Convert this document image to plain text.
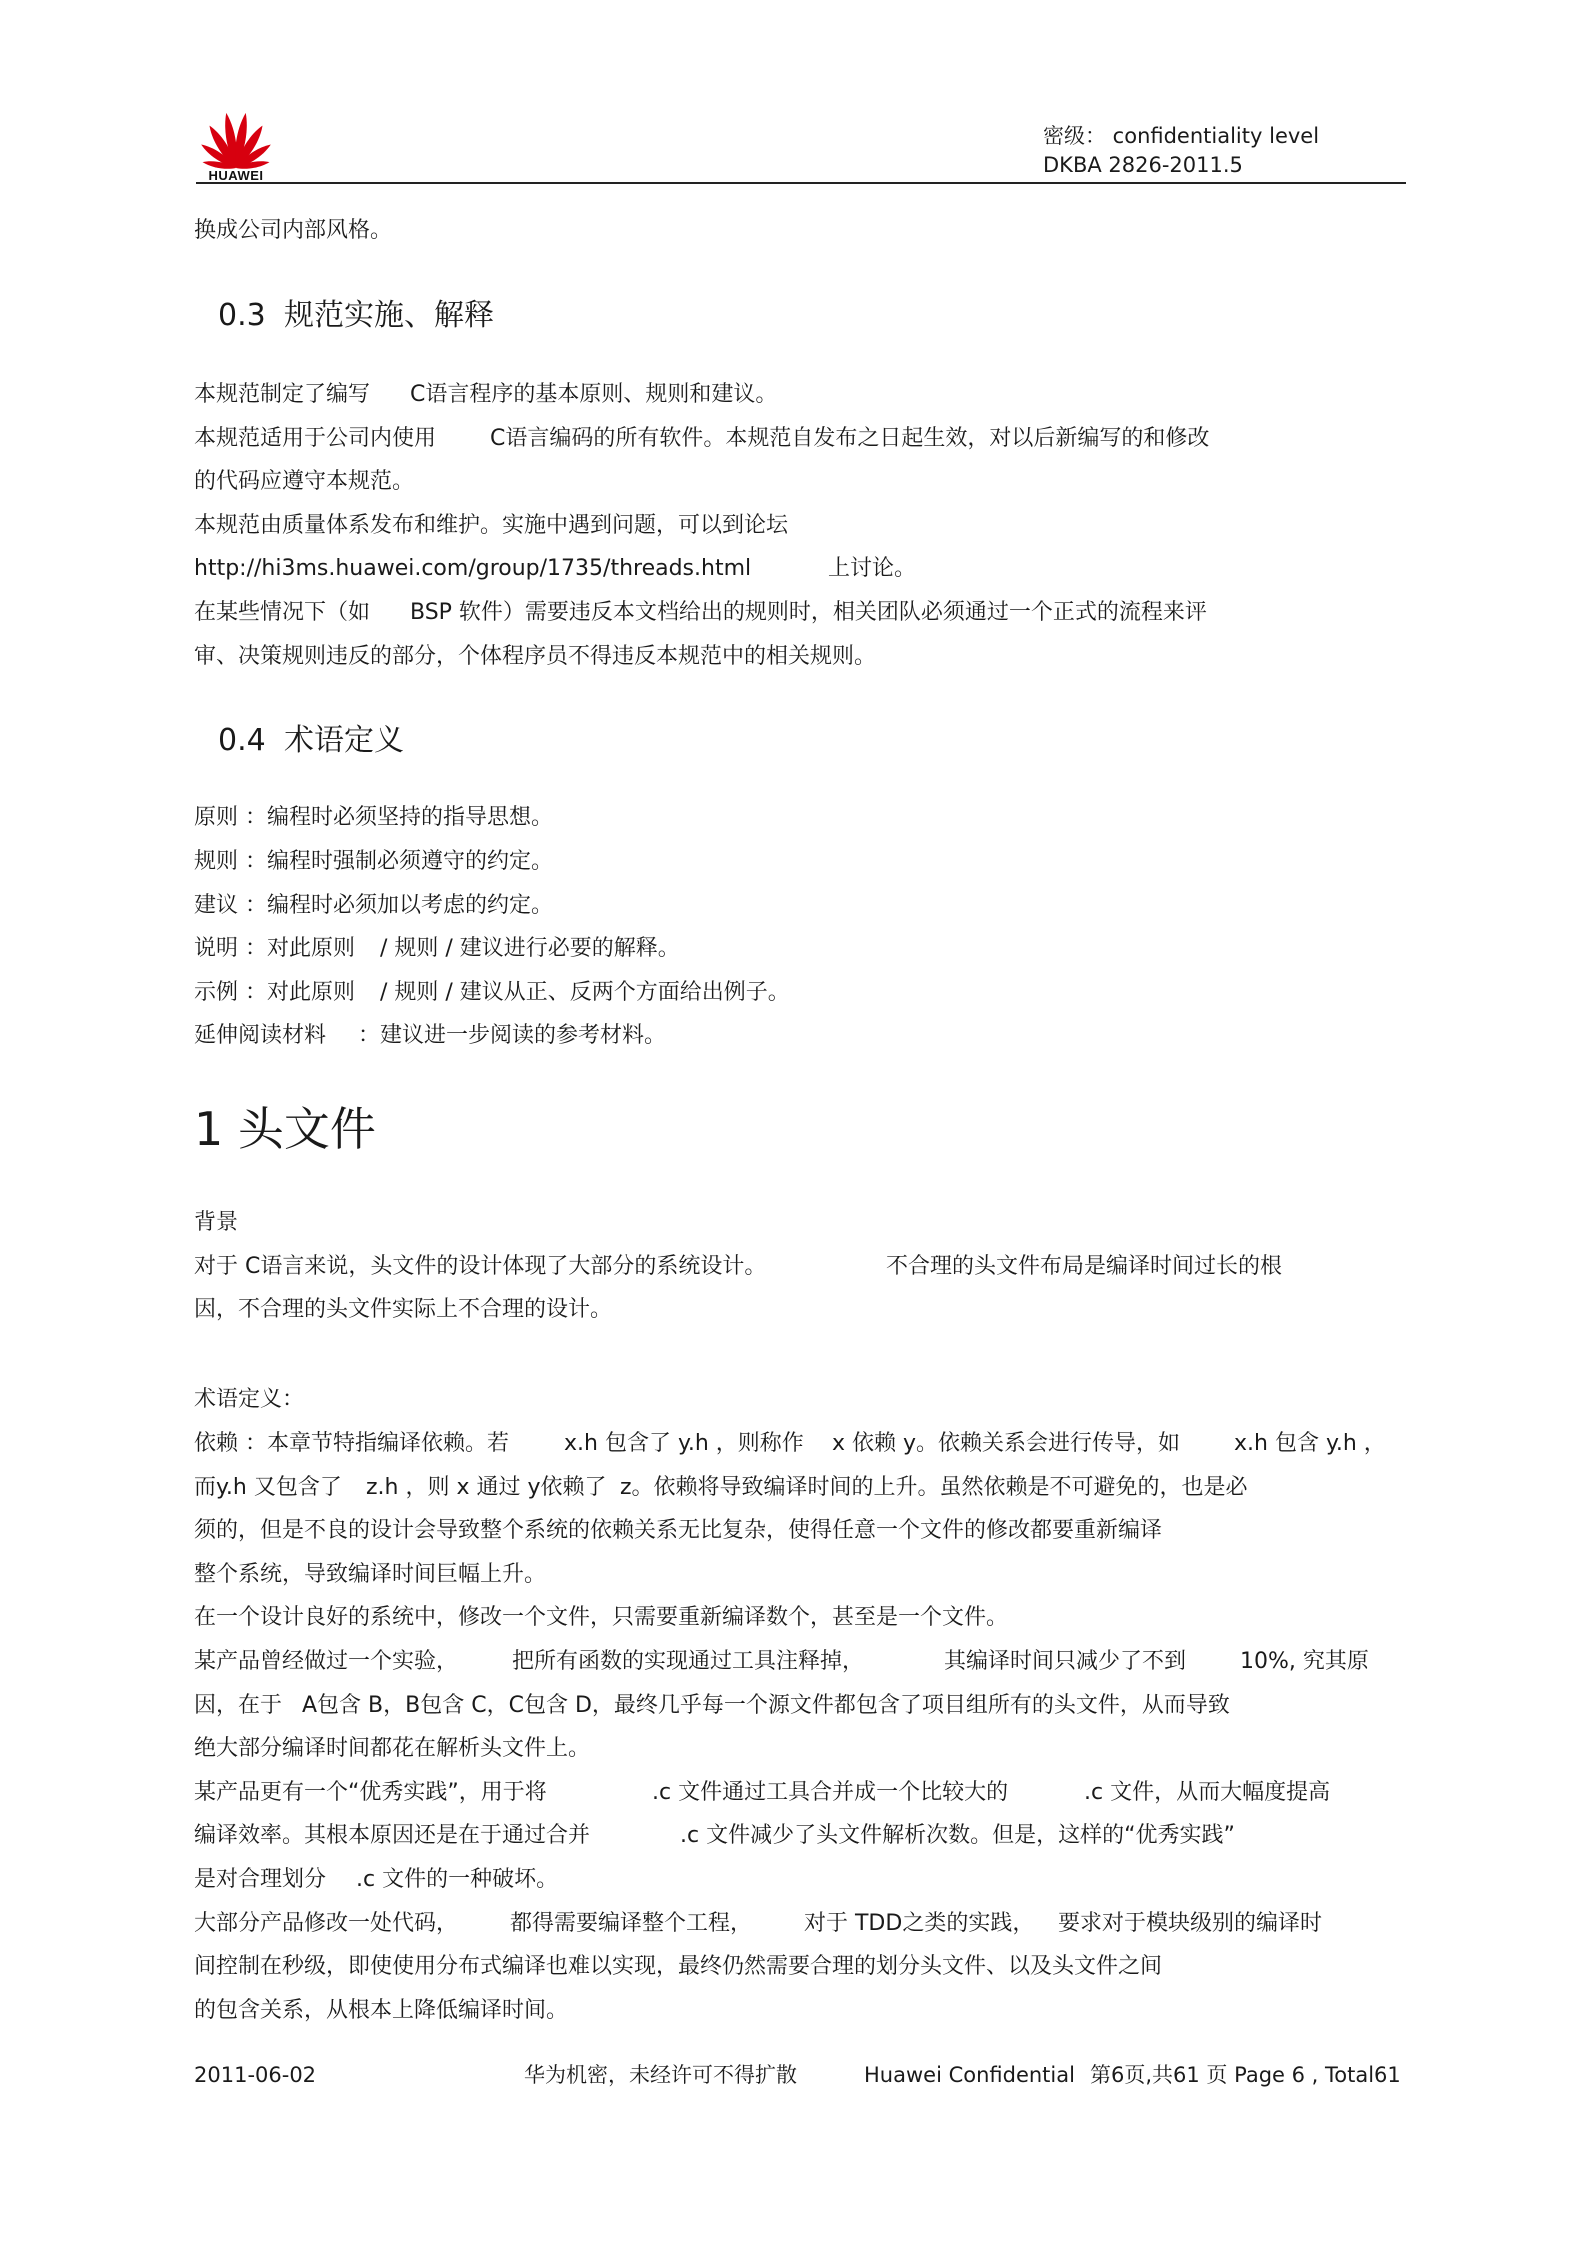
HUAWEI
密级： confidentiality level
DKBA 2826-2011.5
换成公司内部风格。
0.3 规范实施、解释
本规范制定了编写 C语言程序的基本原则、规则和建议。
本规范适用于公司内使用 C语言编码的所有软件。本规范自发布之日起生效，对以后新编写的和修改
的代码应遵守本规范。
本规范由质量体系发布和维护。实施中遇到问题，可以到论坛
http://hi3ms.huawei.com/group/1735/threads.html	上讨论。
在某些情况下（如 BSP 软件）需要违反本文档给出的规则时，相关团队必须通过一个正式的流程来评
审、决策规则违反的部分，个体程序员不得违反本规范中的相关规则。
0.4 术语定义
原则 ：编程时必须坚持的指导思想。
规则 ：编程时强制必须遵守的约定。
建议 ：编程时必须加以考虑的约定。
说明 ：对此原则 / 规则 / 建议进行必要的解释。
示例 ：对此原则 / 规则 / 建议从正、反两个方面给出例子。
延伸阅读材料 ：建议进一步阅读的参考材料。
1 头文件
背景
对于 C语言来说，头文件的设计体现了大部分的系统设计。	不合理的头文件布局是编译时间过长的根
因，不合理的头文件实际上不合理的设计。
术语定义：
依赖 ：本章节特指编译依赖。若	x.h 包含了 y.h ，则称作 x 依赖 y。依赖关系会进行传导，如 x.h 包含 y.h ，
而y.h 又包含了 z.h ，则 x 通过 y依赖了 z。依赖将导致编译时间的上升。虽然依赖是不可避免的，也是必
须的，但是不良的设计会导致整个系统的依赖关系无比复杂，使得任意一个文件的修改都要重新编译
整个系统，导致编译时间巨幅上升。
在一个设计良好的系统中，修改一个文件，只需要重新编译数个，甚至是一个文件。
某产品曾经做过一个实验， 把所有函数的实现通过工具注释掉，	其编译时间只减少了不到 10%, 究其原
因，在于 A包含 B，B包含 C，C包含 D，最终几乎每一个源文件都包含了项目组所有的头文件，从而导致
绝大部分编译时间都花在解析头文件上。
某产品更有一个“优秀实践”，用于将	.c 文件通过工具合并成一个比较大的	.c 文件，从而大幅度提高
编译效率。其根本原因还是在于通过合并	.c 文件减少了头文件解析次数。但是，这样的“优秀实践”
是对合理划分 .c 文件的一种破坏。
大部分产品修改一处代码， 都得需要编译整个工程， 对于 TDD之类的实践， 要求对于模块级别的编译时
间控制在秒级，即使使用分布式编译也难以实现，最终仍然需要合理的划分头文件、以及头文件之间
的包含关系，从根本上降低编译时间。
2011-06-02	华为机密，未经许可不得扩散	Huawei Confidential 第6页,共61 页 Page 6 , Total61
